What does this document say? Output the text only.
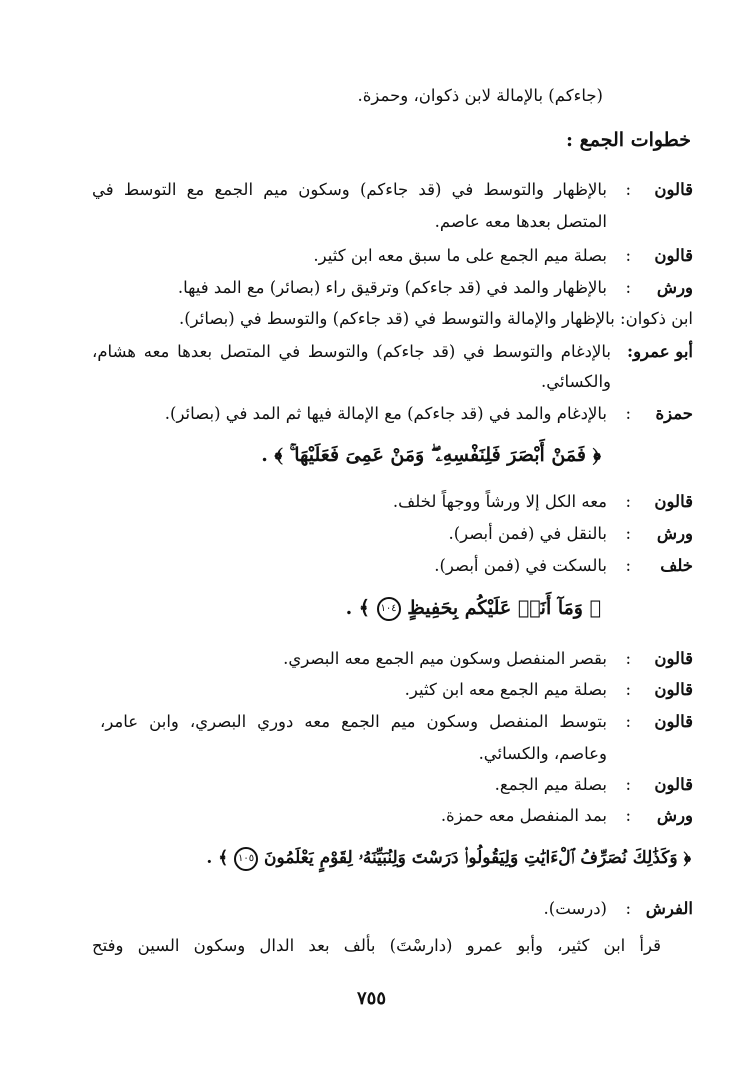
(جاءكم) بالإمالة لابن ذكوان، وحمزة.
خطوات الجمع :
قالون
:
بالإظهار والتوسط في (قد جاءكم) وسكون ميم الجمع مع التوسط في
المتصل بعدها معه عاصم.
قالون
:
بصلة ميم الجمع على ما سبق معه ابن كثير.
ورش
:
بالإظهار والمد في (قد جاءكم) وترقيق راء (بصائر) مع المد فيها.
ابن ذكوان: بالإظهار والإمالة والتوسط في (قد جاءكم) والتوسط في (بصائر).
أبو عمرو:
بالإدغام والتوسط في (قد جاءكم) والتوسط في المتصل بعدها معه هشام،
والكسائي.
حمزة
:
بالإدغام والمد في (قد جاءكم) مع الإمالة فيها ثم المد في (بصائر).
﴿ فَمَنْ أَبْصَرَ فَلِنَفْسِهِۦ ۖ وَمَنْ عَمِىَ فَعَلَيْهَا ۚ ﴾ .
قالون
:
معه الكل إلا ورشاً ووجهاً لخلف.
ورش
:
بالنقل في (فمن أبصر).
خلف
:
بالسكت في (فمن أبصر).
﴿ وَمَآ أَنَا۠ عَلَيْكُم بِحَفِيظٍ ١٠٤ ﴾ .
قالون
:
بقصر المنفصل وسكون ميم الجمع معه البصري.
قالون
:
بصلة ميم الجمع معه ابن كثير.
قالون
:
بتوسط المنفصل وسكون ميم الجمع معه دوري البصري، وابن عامر،
وعاصم، والكسائي.
قالون
:
بصلة ميم الجمع.
ورش
:
بمد المنفصل معه حمزة.
﴿ وَكَذَٰلِكَ نُصَرِّفُ ٱلْءَايَٰتِ وَلِيَقُولُوا۟ دَرَسْتَ وَلِنُبَيِّنَهُۥ لِقَوْمٍ يَعْلَمُونَ ١٠٥ ﴾ .
الفرش
:
(درست).
قرأ ابن كثير، وأبو عمرو (دارسْتَ) بألف بعد الدال وسكون السين وفتح
٧٥٥
